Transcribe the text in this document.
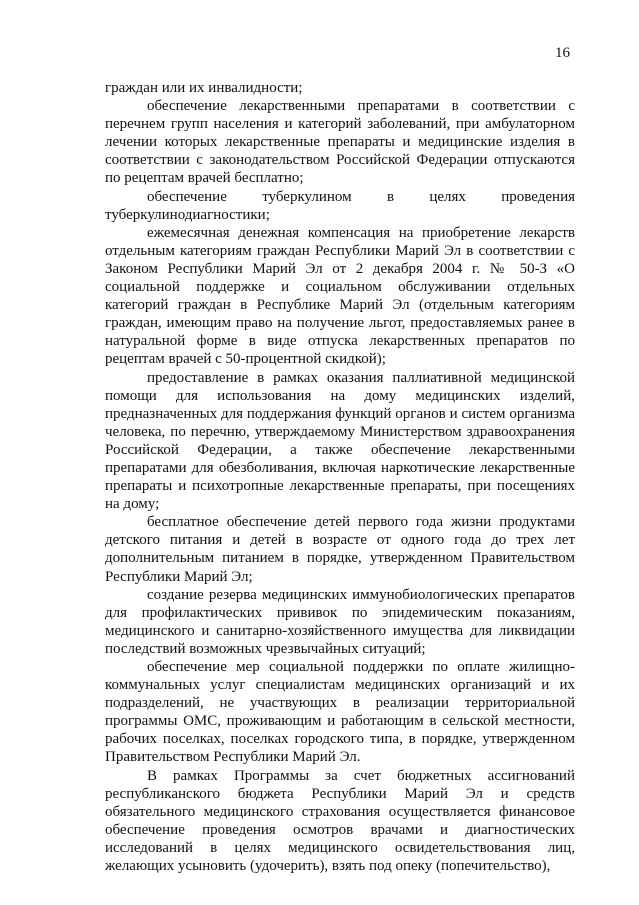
16

граждан или их инвалидности;

обеспечение лекарственными препаратами в соответствии с перечнем групп населения и категорий заболеваний, при амбулаторном лечении которых лекарственные препараты и медицинские изделия в соответствии с законодательством Российской Федерации отпускаются по рецептам врачей бесплатно;

обеспечение туберкулином в целях проведения туберкулинодиагностики;

ежемесячная денежная компенсация на приобретение лекарств отдельным категориям граждан Республики Марий Эл в соответствии с Законом Республики Марий Эл от 2 декабря 2004 г. № 50-З «О социальной поддержке и социальном обслуживании отдельных категорий граждан в Республике Марий Эл (отдельным категориям граждан, имеющим право на получение льгот, предоставляемых ранее в натуральной форме в виде отпуска лекарственных препаратов по рецептам врачей с 50-процентной скидкой);

предоставление в рамках оказания паллиативной медицинской помощи для использования на дому медицинских изделий, предназначенных для поддержания функций органов и систем организма человека, по перечню, утверждаемому Министерством здравоохранения Российской Федерации, а также обеспечение лекарственными препаратами для обезболивания, включая наркотические лекарственные препараты и психотропные лекарственные препараты, при посещениях на дому;

бесплатное обеспечение детей первого года жизни продуктами детского питания и детей в возрасте от одного года до трех лет дополнительным питанием в порядке, утвержденном Правительством Республики Марий Эл;

создание резерва медицинских иммунобиологических препаратов для профилактических прививок по эпидемическим показаниям, медицинского и санитарно-хозяйственного имущества для ликвидации последствий возможных чрезвычайных ситуаций;

обеспечение мер социальной поддержки по оплате жилищно-коммунальных услуг специалистам медицинских организаций и их подразделений, не участвующих в реализации территориальной программы ОМС, проживающим и работающим в сельской местности, рабочих поселках, поселках городского типа, в порядке, утвержденном Правительством Республики Марий Эл.

В рамках Программы за счет бюджетных ассигнований республиканского бюджета Республики Марий Эл и средств обязательного медицинского страхования осуществляется финансовое обеспечение проведения осмотров врачами и диагностических исследований в целях медицинского освидетельствования лиц, желающих усыновить (удочерить), взять под опеку (попечительство),
